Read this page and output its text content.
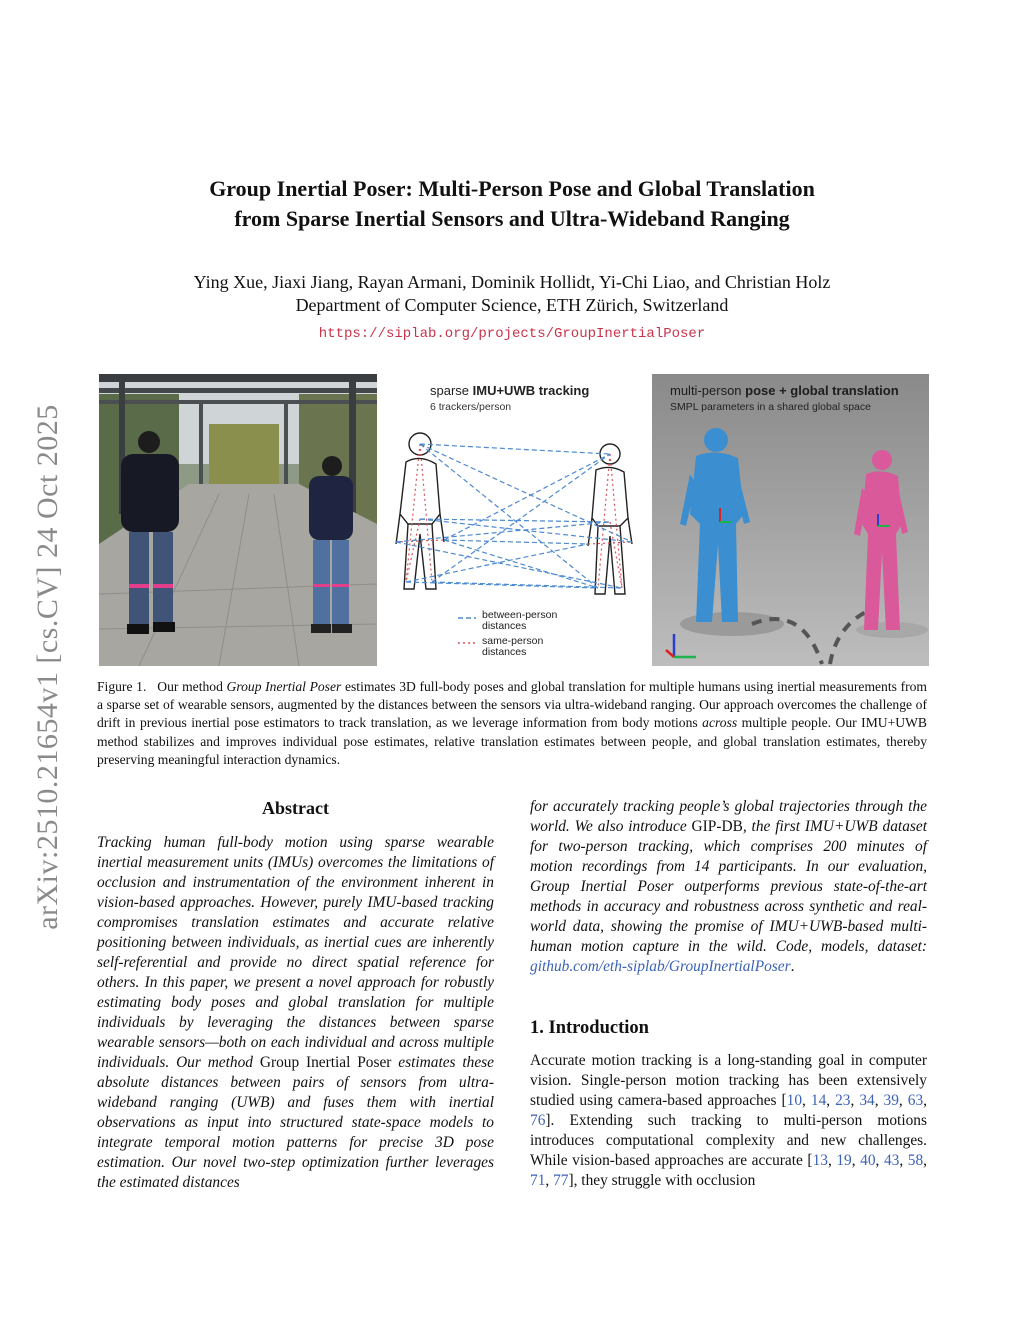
arXiv:2510.21654v1 [cs.CV] 24 Oct 2025
Group Inertial Poser: Multi-Person Pose and Global Translation
from Sparse Inertial Sensors and Ultra-Wideband Ranging
Ying Xue, Jiaxi Jiang, Rayan Armani, Dominik Hollidt, Yi-Chi Liao, and Christian Holz
Department of Computer Science, ETH Zürich, Switzerland
https://siplab.org/projects/GroupInertialPoser
sparse IMU+UWB tracking
6 trackers/person
between-person
distances
same-person
distances
multi-person pose + global translation
SMPL parameters in a shared global space
Figure 1. Our method Group Inertial Poser estimates 3D full-body poses and global translation for multiple humans using inertial measurements from a sparse set of wearable sensors, augmented by the distances between the sensors via ultra-wideband ranging. Our approach overcomes the challenge of drift in previous inertial pose estimators to track translation, as we leverage information from body motions across multiple people. Our IMU+UWB method stabilizes and improves individual pose estimates, relative translation estimates between people, and global translation estimates, thereby preserving meaningful interaction dynamics.
Abstract
Tracking human full-body motion using sparse wearable inertial measurement units (IMUs) overcomes the limitations of occlusion and instrumentation of the environment inherent in vision-based approaches. However, purely IMU-based tracking compromises translation estimates and accurate relative positioning between individuals, as inertial cues are inherently self-referential and provide no direct spatial reference for others. In this paper, we present a novel approach for robustly estimating body poses and global translation for multiple individuals by leveraging the distances between sparse wearable sensors—both on each individual and across multiple individuals. Our method Group Inertial Poser estimates these absolute distances between pairs of sensors from ultra-wideband ranging (UWB) and fuses them with inertial observations as input into structured state-space models to integrate temporal motion patterns for precise 3D pose estimation. Our novel two-step optimization further leverages the estimated distances
for accurately tracking people’s global trajectories through the world. We also introduce GIP-DB, the first IMU+UWB dataset for two-person tracking, which comprises 200 minutes of motion recordings from 14 participants. In our evaluation, Group Inertial Poser outperforms previous state-of-the-art methods in accuracy and robustness across synthetic and real-world data, showing the promise of IMU+UWB-based multi-human motion capture in the wild. Code, models, dataset: github.com/eth-siplab/GroupInertialPoser.
1. Introduction
Accurate motion tracking is a long-standing goal in computer vision. Single-person motion tracking has been extensively studied using camera-based approaches [10, 14, 23, 34, 39, 63, 76]. Extending such tracking to multi-person motions introduces computational complexity and new challenges. While vision-based approaches are accurate [13, 19, 40, 43, 58, 71, 77], they struggle with occlusion
